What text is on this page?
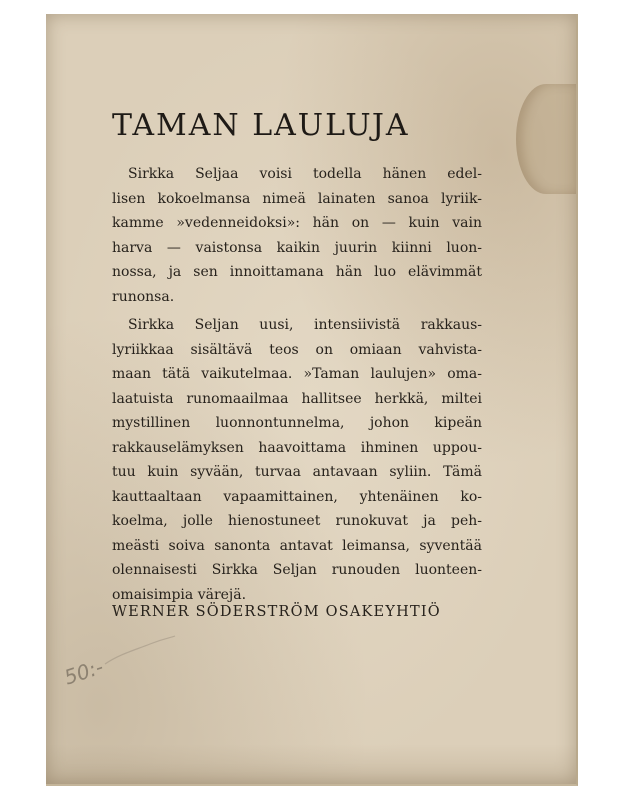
TAMAN LAULUJA
Sirkka Seljaa voisi todella hänen edel-
lisen kokoelmansa nimeä lainaten sanoa lyriik-
kamme »vedenneidoksi»: hän on — kuin vain
harva — vaistonsa kaikin juurin kiinni luon-
nossa, ja sen innoittamana hän luo elävimmät
runonsa.
Sirkka Seljan uusi, intensiivistä rakkaus-
lyriikkaa sisältävä teos on omiaan vahvista-
maan tätä vaikutelmaa. »Taman laulujen» oma-
laatuista runomaailmaa hallitsee herkkä, miltei
mystillinen luonnontunnelma, johon kipeän
rakkauselämyksen haavoittama ihminen uppou-
tuu kuin syvään, turvaa antavaan syliin. Tämä
kauttaaltaan vapaamittainen, yhtenäinen ko-
koelma, jolle hienostuneet runokuvat ja peh-
meästi soiva sanonta antavat leimansa, syventää
olennaisesti Sirkka Seljan runouden luonteen-
omaisimpia värejä.

WERNER SÖDERSTRÖM OSAKEYHTIÖ

50:-
